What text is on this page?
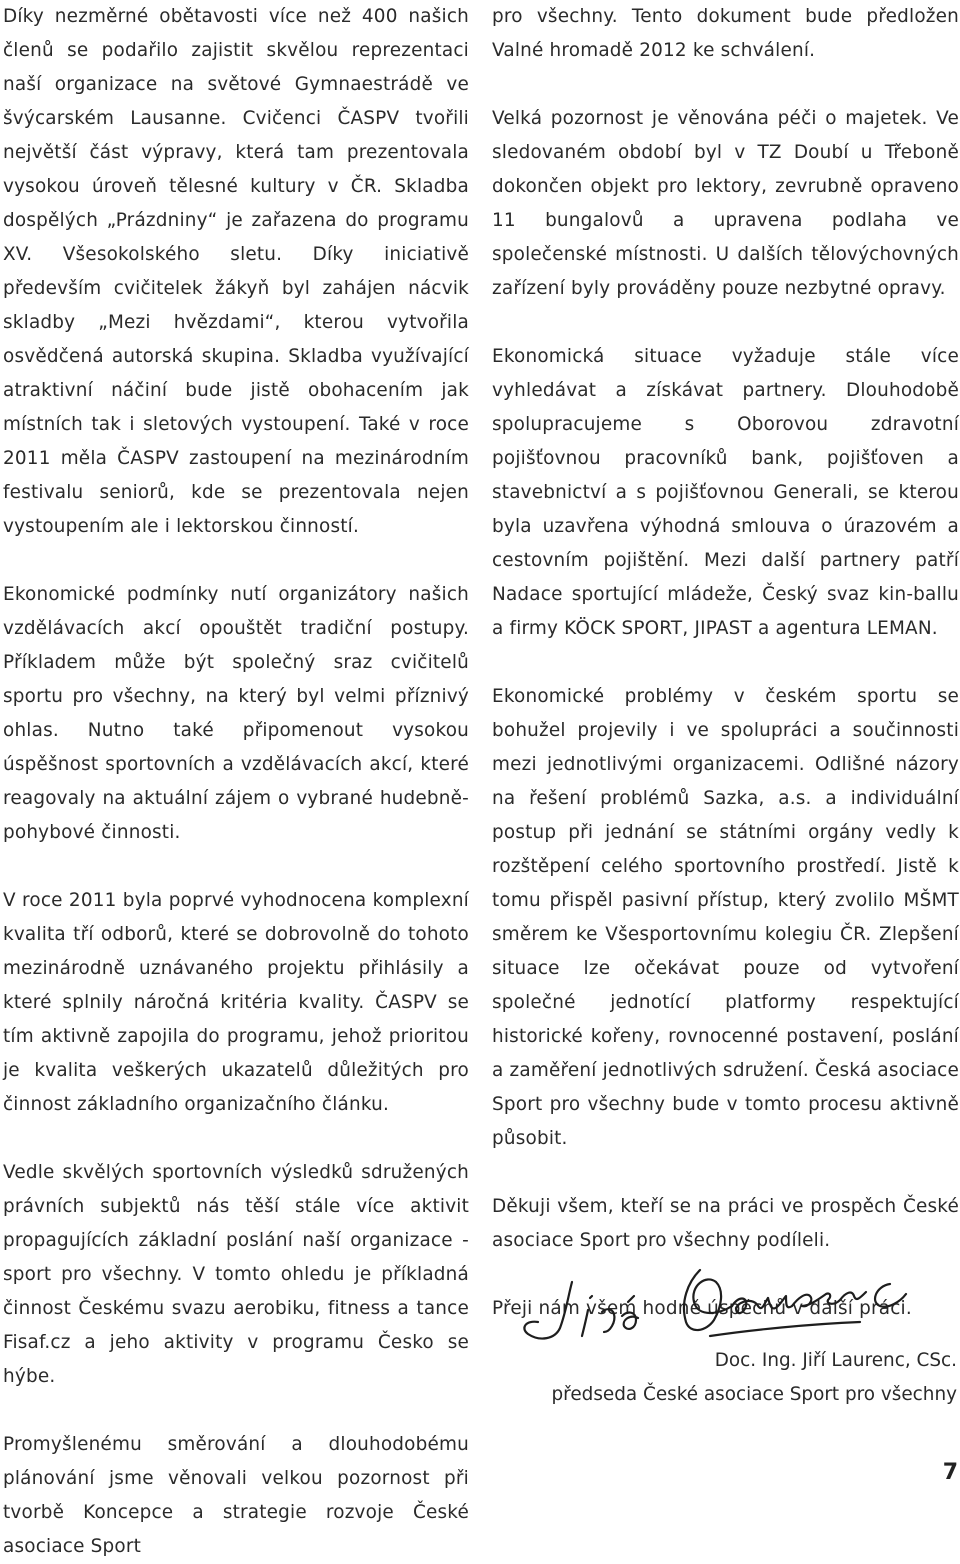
Díky nezměrné obětavosti více než 400 našich členů se podařilo zajistit skvělou reprezentaci naší organizace na světové Gymnaestrádě ve švýcarském Lausanne. Cvičenci ČASPV tvořili největší část výpravy, která tam prezentovala vysokou úroveň tělesné kultury v ČR. Skladba dospělých „Prázdniny“ je zařazena do programu XV. Všesokolského sletu. Díky iniciativě především cvičitelek žákyň byl zahájen nácvik skladby „Mezi hvězdami“, kterou vytvořila osvědčená autorská skupina. Skladba využívající atraktivní náčiní bude jistě obohacením jak místních tak i sletových vystoupení. Také v roce 2011 měla ČASPV zastoupení na mezinárodním festivalu seniorů, kde se prezentovala nejen vystoupením ale i lektorskou činností.

Ekonomické podmínky nutí organizátory našich vzdělávacích akcí opouštět tradiční postupy. Příkladem může být společný sraz cvičitelů sportu pro všechny, na který byl velmi příznivý ohlas. Nutno také připomenout vysokou úspěšnost sportovních a vzdělávacích akcí, které reagovaly na aktuální zájem o vybrané hudebně-pohybové činnosti.

V roce 2011 byla poprvé vyhodnocena komplexní kvalita tří odborů, které se dobrovolně do tohoto mezinárodně uznávaného projektu přihlásily a které splnily náročná kritéria kvality. ČASPV se tím aktivně zapojila do programu, jehož prioritou je kvalita veškerých ukazatelů důležitých pro činnost základního organizačního článku.

Vedle skvělých sportovních výsledků sdružených právních subjektů nás těší stále více aktivit propagujících základní poslání naší organizace - sport pro všechny. V tomto ohledu je příkladná činnost Českému svazu aerobiku, fitness a tance Fisaf.cz a jeho aktivity v programu Česko se hýbe.

Promyšlenému směrování a dlouhodobému plánování jsme věnovali velkou pozornost při tvorbě Koncepce a strategie rozvoje České asociace Sport

pro všechny. Tento dokument bude předložen Valné hromadě 2012 ke schválení.

Velká pozornost je věnována péči o majetek. Ve sledovaném období byl v TZ Doubí u Třeboně dokončen objekt pro lektory, zevrubně opraveno 11 bungalovů a upravena podlaha ve společenské místnosti. U dalších tělovýchovných zařízení byly prováděny pouze nezbytné opravy.

Ekonomická situace vyžaduje stále více vyhledávat a získávat partnery. Dlouhodobě spolupracujeme s Oborovou zdravotní pojišťovnou pracovníků bank, pojišťoven a stavebnictví a s pojišťovnou Generali, se kterou byla uzavřena výhodná smlouva o úrazovém a cestovním pojištění. Mezi další partnery patří Nadace sportující mládeže, Český svaz kin-ballu a firmy KÖCK SPORT, JIPAST a agentura LEMAN.

Ekonomické problémy v českém sportu se bohužel projevily i ve spolupráci a součinnosti mezi jednotlivými organizacemi. Odlišné názory na řešení problémů Sazka, a.s. a individuální postup při jednání se státními orgány vedly k rozštěpení celého sportovního prostředí. Jistě k tomu přispěl pasivní přístup, který zvolilo MŠMT směrem ke Všesportovnímu kolegiu ČR. Zlepšení situace lze očekávat pouze od vytvoření společné jednotící platformy respektující historické kořeny, rovnocenné postavení, poslání a zaměření jednotlivých sdružení. Česká asociace Sport pro všechny bude v tomto procesu aktivně působit.

Děkuji všem, kteří se na práci ve prospěch České asociace Sport pro všechny podíleli.

Přeji nám všem hodně úspěchů v další práci.

Doc. Ing. Jiří Laurenc, CSc.
předseda České asociace Sport pro všechny
7
